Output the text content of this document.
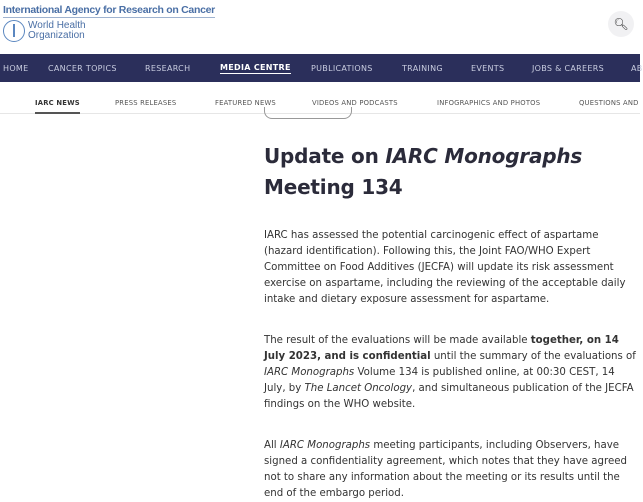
International Agency for Research on Cancer
World Health
Organization
🔍︎
HOME CANCER TOPICS	RESEARCH	MEDIA CENTRE	PUBLICATIONS	TRAINING	EVENTS	JOBS & CAREERS	AB
IARC NEWS	PRESS RELEASES	FEATURED NEWS	VIDEOS AND PODCASTS	INFOGRAPHICS AND PHOTOS	QUESTIONS AND
Update on IARC Monographs
Meeting 134

IARC has assessed the potential carcinogenic effect of aspartame (hazard identification). Following this, the Joint FAO/WHO Expert Committee on Food Additives (JECFA) will update its risk assessment exercise on aspartame, including the reviewing of the acceptable daily intake and dietary exposure assessment for aspartame.

The result of the evaluations will be made available together, on 14 July 2023, and is confidential until the summary of the evaluations of IARC Monographs Volume 134 is published online, at 00:30 CEST, 14 July, by The Lancet Oncology, and simultaneous publication of the JECFA findings on the WHO website.

All IARC Monographs meeting participants, including Observers, have signed a confidentiality agreement, which notes that they have agreed not to share any information about the meeting or its results until the end of the embargo period.
